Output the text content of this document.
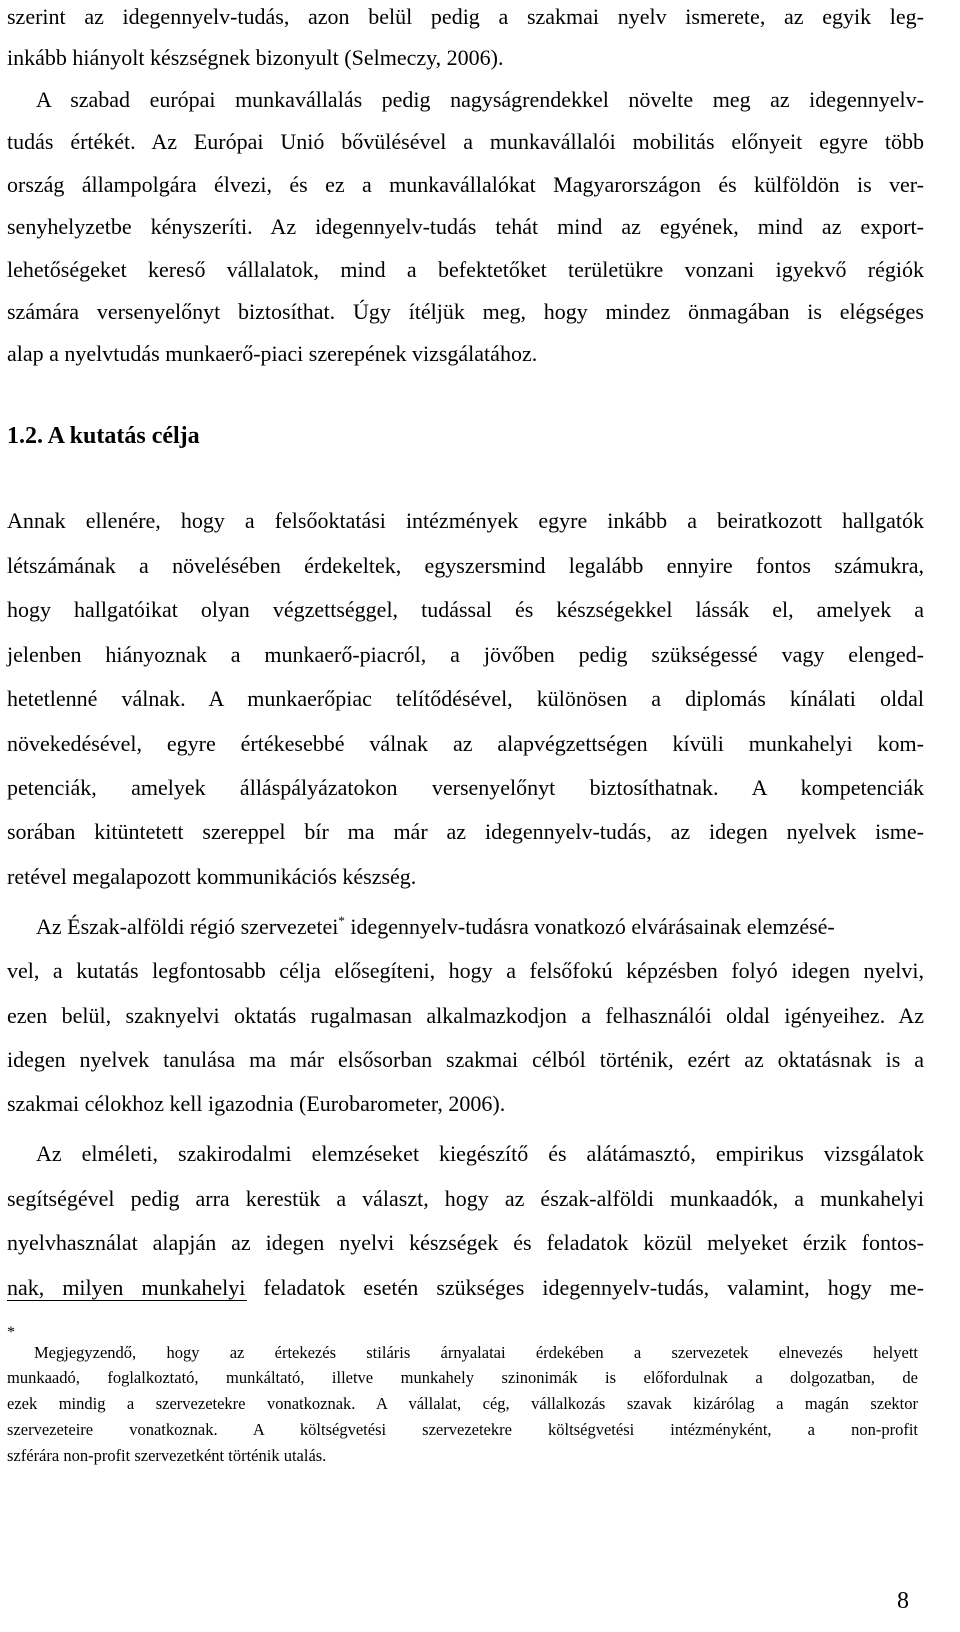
szerint az idegennyelv-tudás, azon belül pedig a szakmai nyelv ismerete, az egyik leg-

inkább hiányolt készségnek bizonyult (Selmeczy, 2006).

A szabad európai munkavállalás pedig nagyságrendekkel növelte meg az idegennyelv-

tudás értékét. Az Európai Unió bővülésével a munkavállalói mobilitás előnyeit egyre több

ország állampolgára élvezi, és ez a munkavállalókat Magyarországon és külföldön is ver-

senyhelyzetbe kényszeríti. Az idegennyelv-tudás tehát mind az egyének, mind az export-

lehetőségeket kereső vállalatok, mind a befektetőket területükre vonzani igyekvő régiók

számára versenyelőnyt biztosíthat. Úgy ítéljük meg, hogy mindez önmagában is elégséges

alap a nyelvtudás munkaerő-piaci szerepének vizsgálatához.

1.2. A kutatás célja

Annak ellenére, hogy a felsőoktatási intézmények egyre inkább a beiratkozott hallgatók

létszámának a növelésében érdekeltek, egyszersmind legalább ennyire fontos számukra,

hogy hallgatóikat olyan végzettséggel, tudással és készségekkel lássák el, amelyek a

jelenben hiányoznak a munkaerő-piacról, a jövőben pedig szükségessé vagy elenged-

hetetlenné válnak. A munkaerőpiac telítődésével, különösen a diplomás kínálati oldal

növekedésével, egyre értékesebbé válnak az alapvégzettségen kívüli munkahelyi kom-

petenciák, amelyek álláspályázatokon versenyelőnyt biztosíthatnak. A kompetenciák

sorában kitüntetett szereppel bír ma már az idegennyelv-tudás, az idegen nyelvek isme-

retével megalapozott kommunikációs készség.

Az Észak-alföldi régió szervezetei* idegennyelv-tudásra vonatkozó elvárásainak elemzésé-

vel, a kutatás legfontosabb célja elősegíteni, hogy a felsőfokú képzésben folyó idegen nyelvi,

ezen belül, szaknyelvi oktatás rugalmasan alkalmazkodjon a felhasználói oldal igényeihez. Az

idegen nyelvek tanulása ma már elsősorban szakmai célból történik, ezért az oktatásnak is a

szakmai célokhoz kell igazodnia (Eurobarometer, 2006).

Az elméleti, szakirodalmi elemzéseket kiegészítő és alátámasztó, empirikus vizsgálatok

segítségével pedig arra kerestük a választ, hogy az észak-alföldi munkaadók, a munkahelyi

nyelvhasználat alapján az idegen nyelvi készségek és feladatok közül melyeket érzik fontos-

nak, milyen munkahelyi feladatok esetén szükséges idegennyelv-tudás, valamint, hogy me-

*

Megjegyzendő, hogy az értekezés stiláris árnyalatai érdekében a szervezetek elnevezés helyett

munkaadó, foglalkoztató, munkáltató, illetve munkahely szinonimák is előfordulnak a dolgozatban, de

ezek mindig a szervezetekre vonatkoznak. A vállalat, cég, vállalkozás szavak kizárólag a magán szektor

szervezeteire vonatkoznak. A költségvetési szervezetekre költségvetési intézményként, a non-profit

szférára non-profit szervezetként történik utalás.

8
